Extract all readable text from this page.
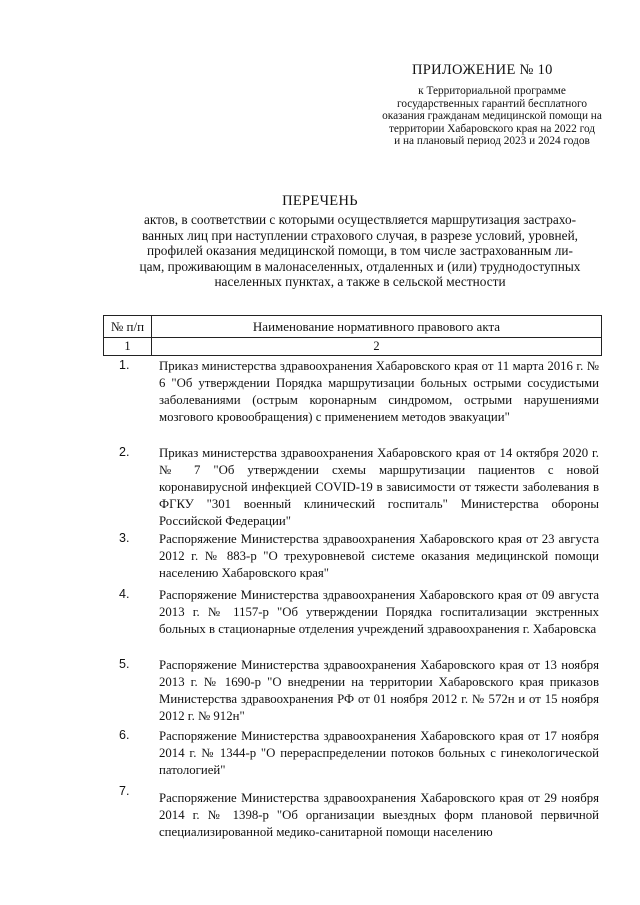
ПРИЛОЖЕНИЕ № 10
к Территориальной программе
государственных гарантий бесплатного
оказания гражданам медицинской помощи на
территории Хабаровского края на 2022 год
и на плановый период 2023 и 2024 годов
ПЕРЕЧЕНЬ
актов, в соответствии с которыми осуществляется маршрутизация застрахо-
ванных лиц при наступлении страхового случая, в разрезе условий, уровней,
профилей оказания медицинской помощи, в том числе застрахованным ли-
цам, проживающим в малонаселенных, отдаленных и (или) труднодоступных
населенных пунктах, а также в сельской местности
№ п/п	Наименование нормативного правового акта
1	2
1. Приказ министерства здравоохранения Хабаровского края от 11 марта 2016 г. № 6 "Об утверждении Порядка маршрутизации больных острыми сосудистыми заболеваниями (острым коронарным синдромом, острыми нарушениями мозгового кровообращения) с применением методов эвакуации"
2. Приказ министерства здравоохранения Хабаровского края от 14 октября 2020 г. № 7 "Об утверждении схемы маршрутизации пациентов с новой коронавирусной инфекцией COVID-19 в зависимости от тяжести заболевания в ФГКУ "301 военный клинический госпиталь" Министерства обороны Российской Федерации"
3. Распоряжение Министерства здравоохранения Хабаровского края от 23 августа 2012 г. № 883-р "О трехуровневой системе оказания медицинской помощи населению Хабаровского края"
4. Распоряжение Министерства здравоохранения Хабаровского края от 09 августа 2013 г. № 1157-р "Об утверждении Порядка госпитализации экстренных больных в стационарные отделения учреждений здравоохранения г. Хабаровска
5. Распоряжение Министерства здравоохранения Хабаровского края от 13 ноября 2013 г. № 1690-р "О внедрении на территории Хабаровского края приказов Министерства здравоохранения РФ от 01 ноября 2012 г. № 572н и от 15 ноября 2012 г. № 912н"
6. Распоряжение Министерства здравоохранения Хабаровского края от 17 ноября 2014 г. № 1344-р "О перераспределении потоков больных с гинекологической патологией"
7. Распоряжение Министерства здравоохранения Хабаровского края от 29 ноября 2014 г. № 1398-р "Об организации выездных форм плановой первичной специализированной медико-санитарной помощи населению
